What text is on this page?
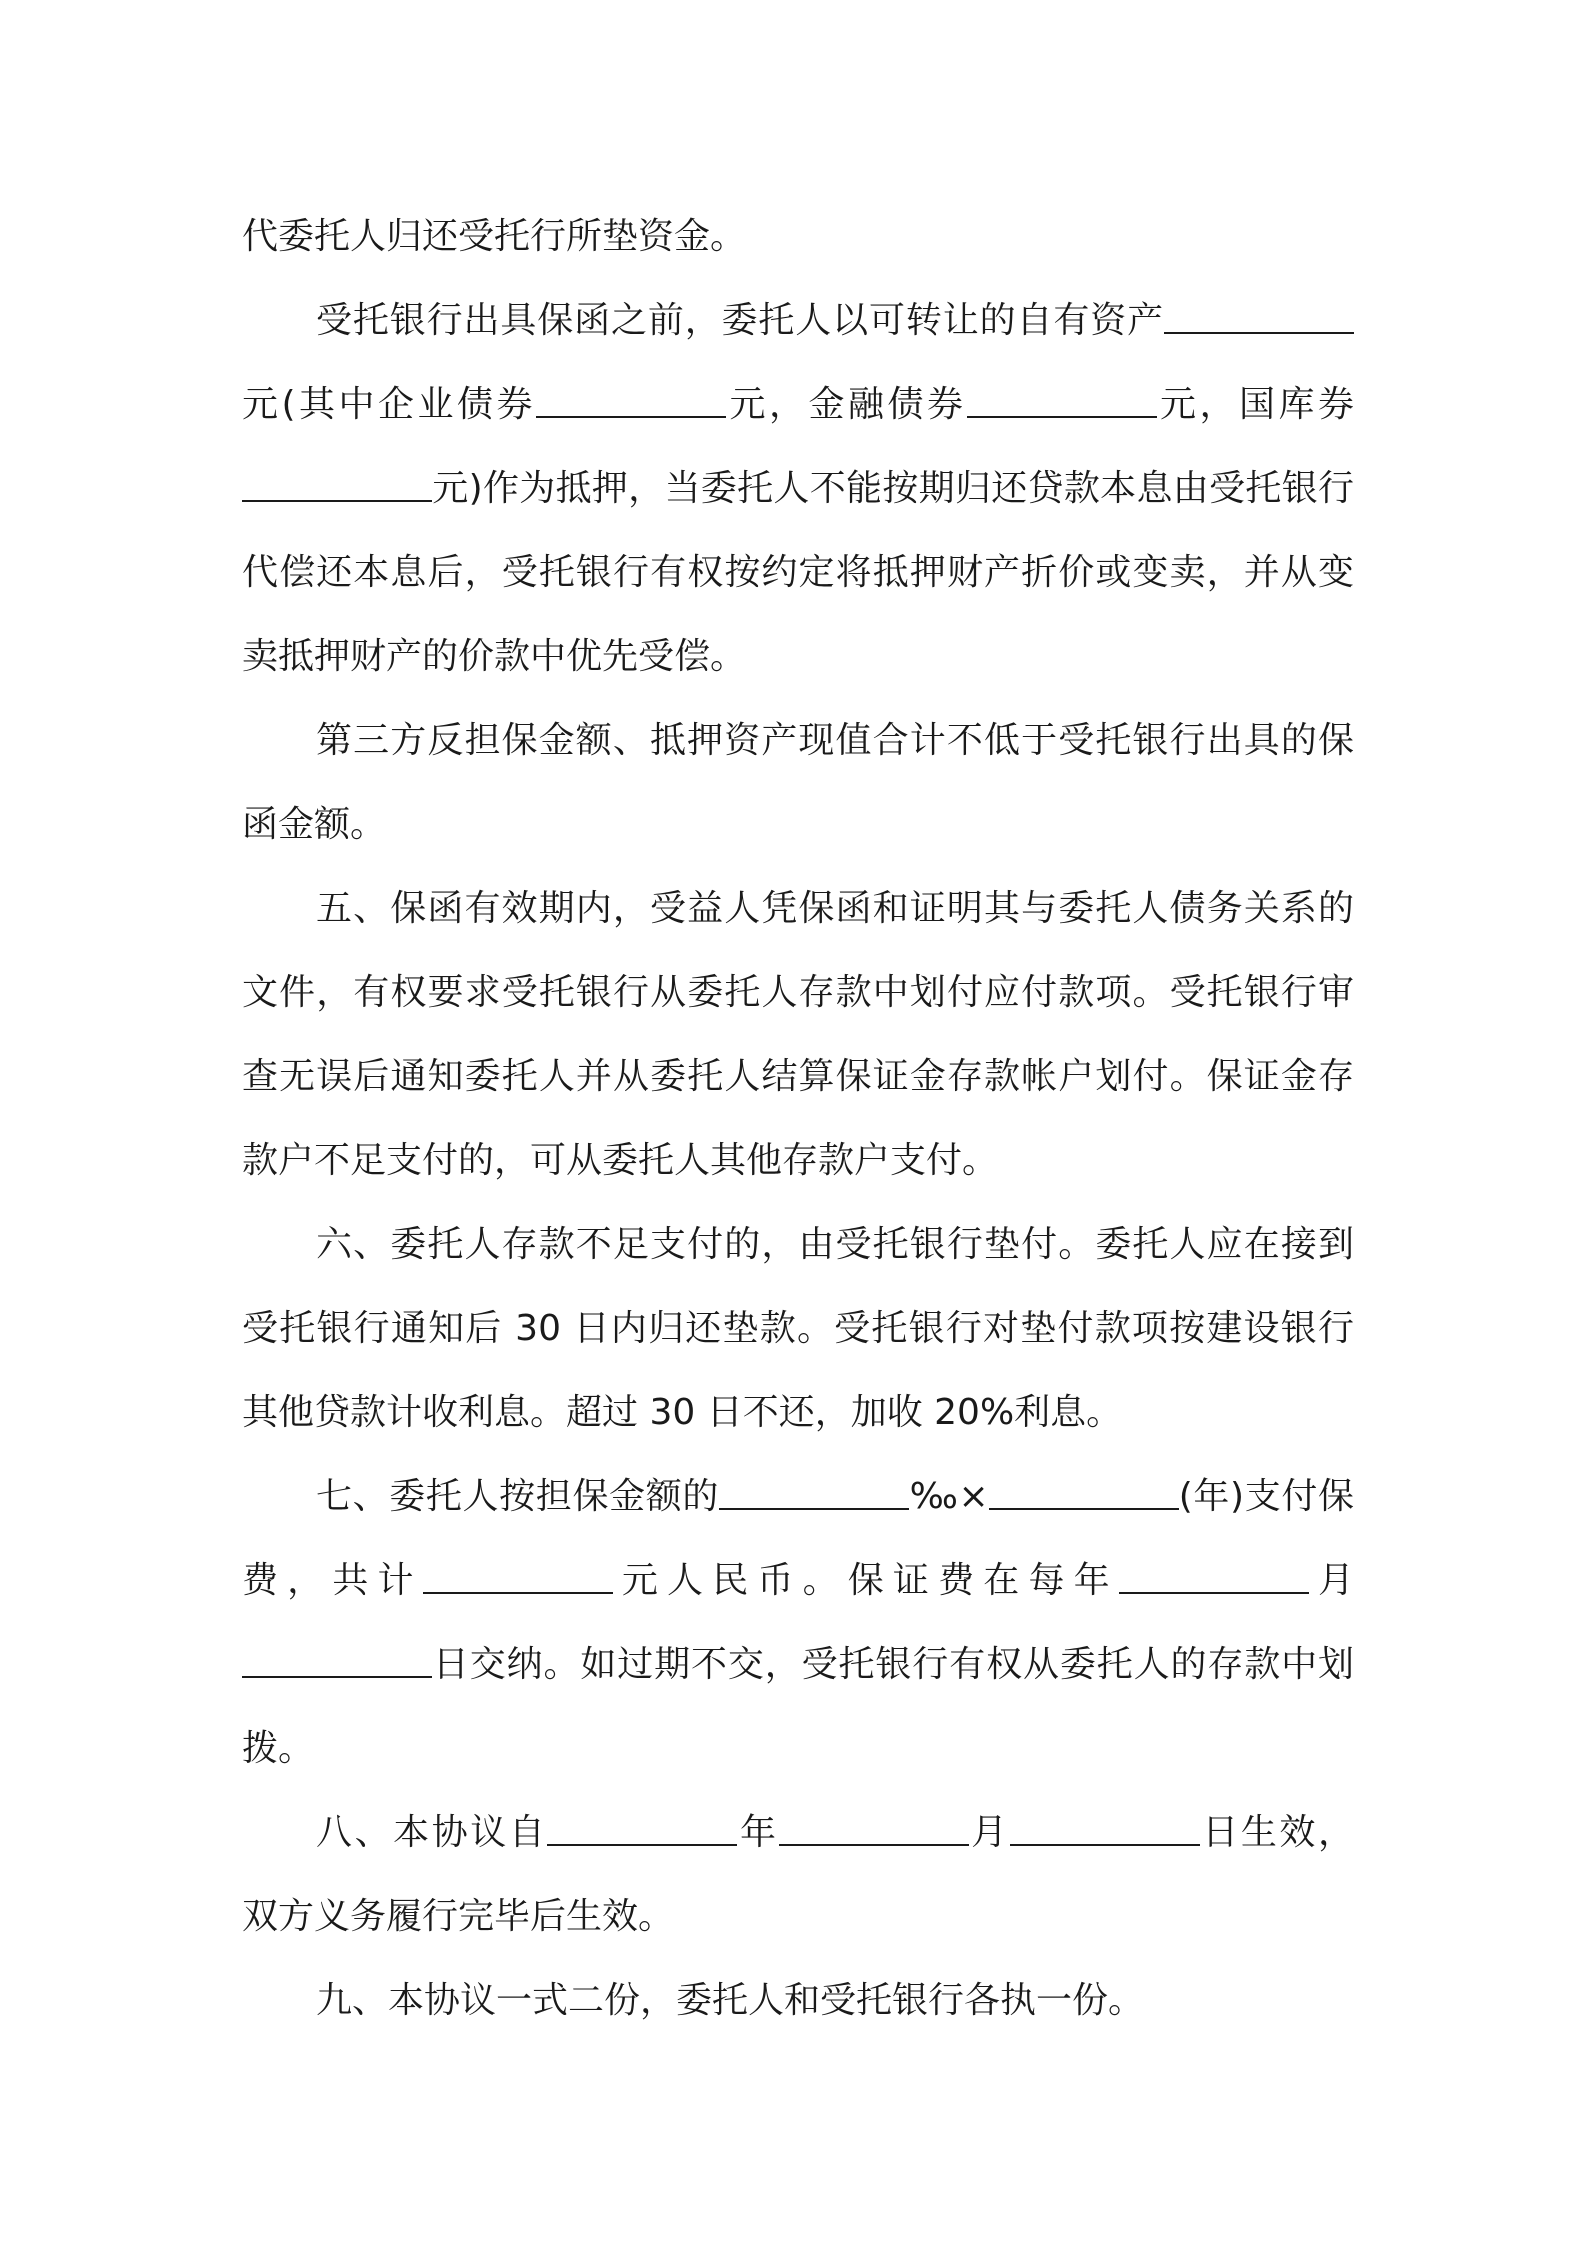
代委托人归还受托行所垫资金。

受托银行出具保函之前，委托人以可转让的自有资产元(其中企业债券	元，金融债券	元，国库券元)作为抵押，当委托人不能按期归还贷款本息由受托银行代偿还本息后，受托银行有权按约定将抵押财产折价或变卖，并从变卖抵押财产的价款中优先受偿。

第三方反担保金额、抵押资产现值合计不低于受托银行出具的保函金额。

五、保函有效期内，受益人凭保函和证明其与委托人债务关系的文件，有权要求受托银行从委托人存款中划付应付款项。受托银行审查无误后通知委托人并从委托人结算保证金存款帐户划付。保证金存款户不足支付的，可从委托人其他存款户支付。

六、委托人存款不足支付的，由受托银行垫付。委托人应在接到受托银行通知后 30 日内归还垫款。受托银行对垫付款项按建设银行其他贷款计收利息。超过 30 日不还，加收 20%利息。

七、委托人按担保金额的	‰×	(年)支付保费，共计	元人民币。保证费在每年	月日交纳。如过期不交，受托银行有权从委托人的存款中划拨。

八、本协议自	年	月	日生效，双方义务履行完毕后生效。

九、本协议一式二份，委托人和受托银行各执一份。
